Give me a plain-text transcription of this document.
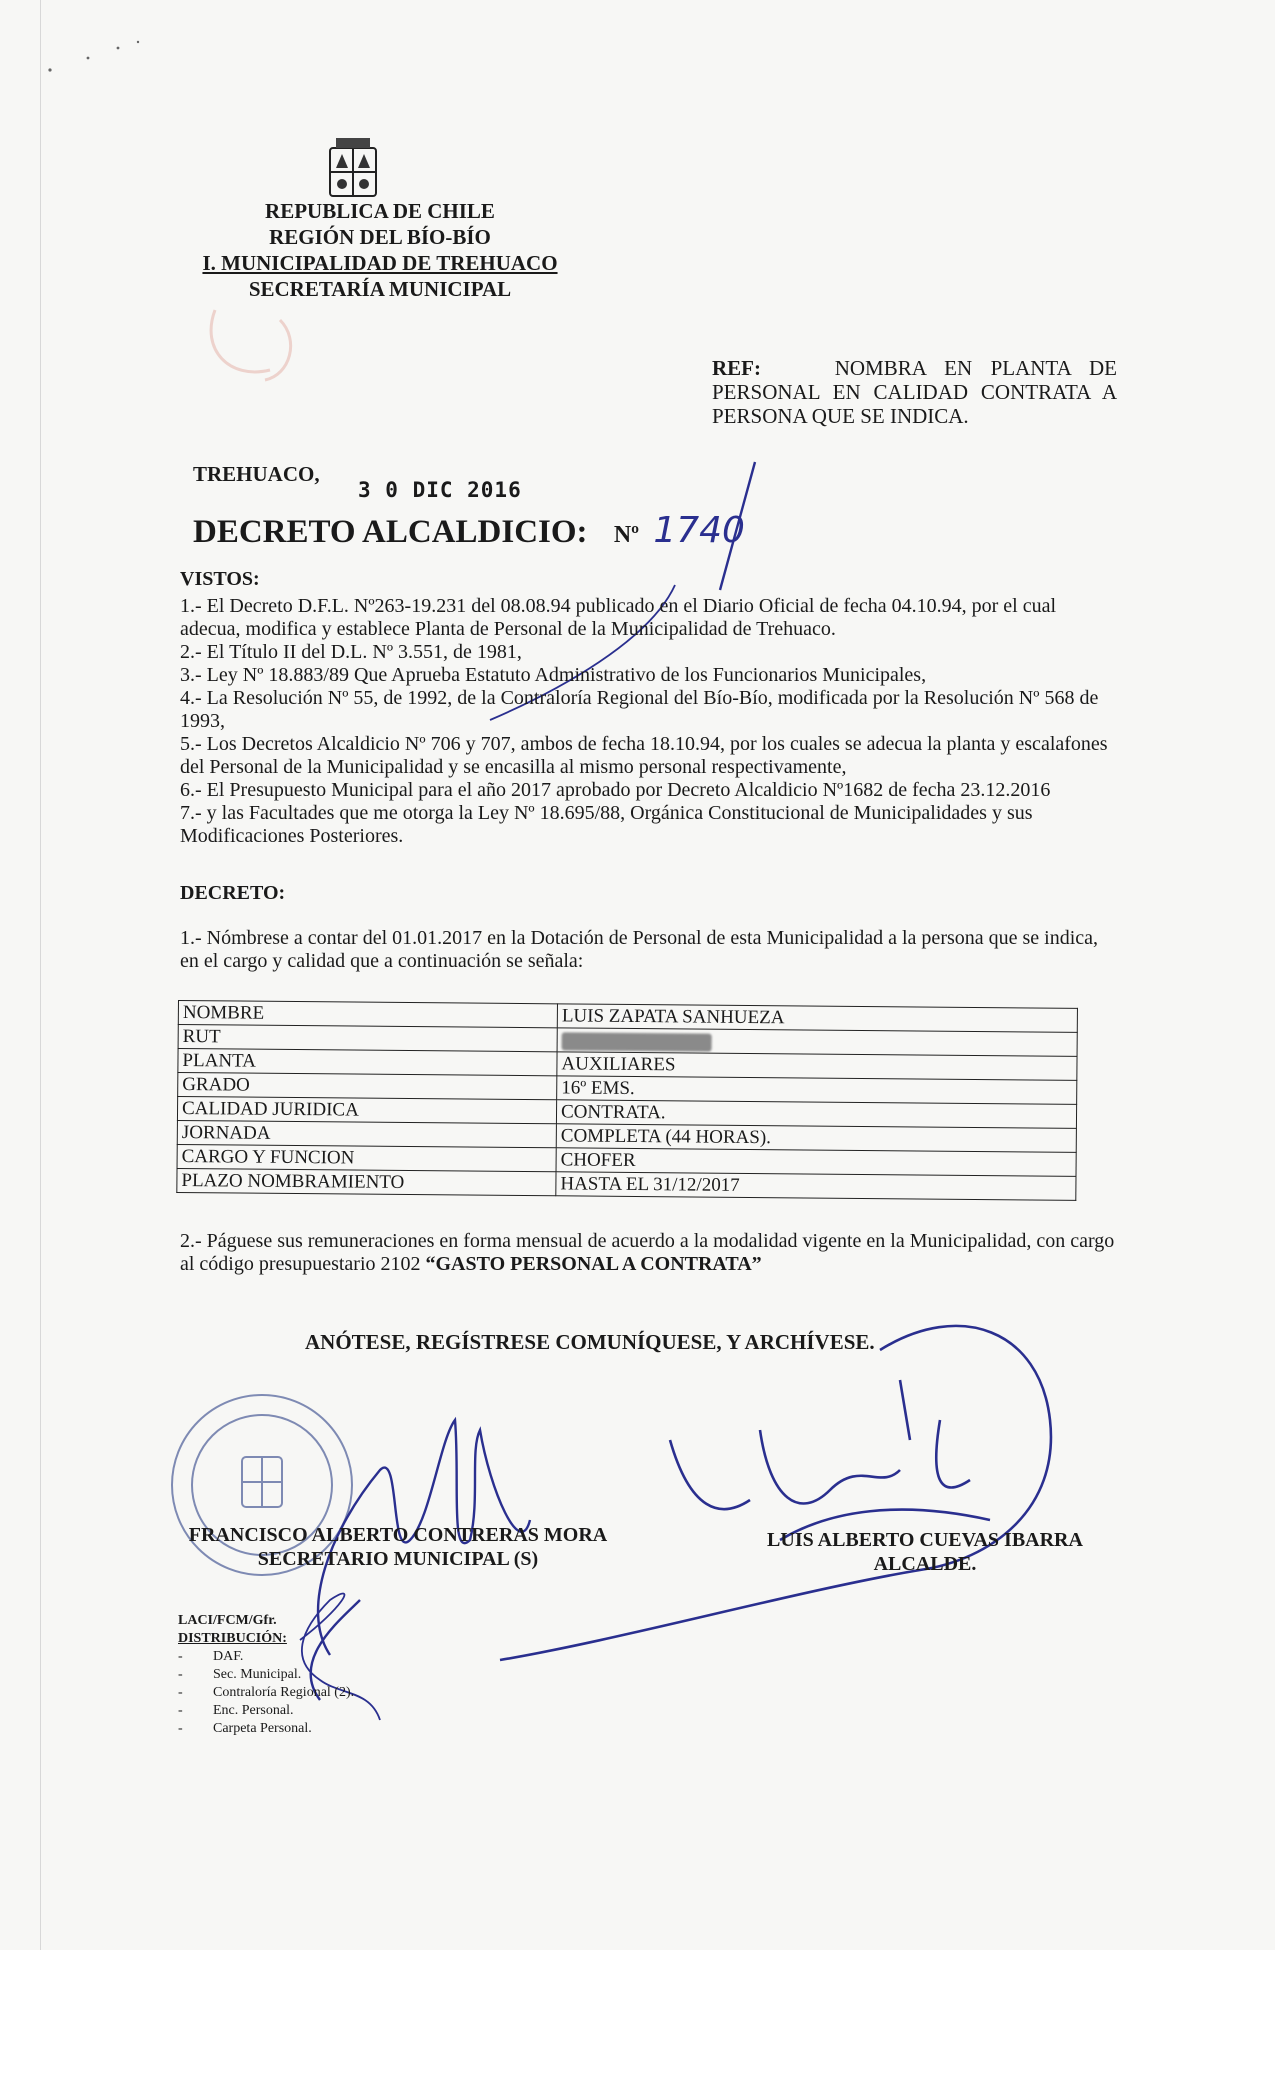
REPUBLICA DE CHILE
REGIÓN DEL BÍO-BÍO
I. MUNICIPALIDAD DE TREHUACO
SECRETARÍA MUNICIPAL
REF:	NOMBRA EN PLANTA DE PERSONAL EN CALIDAD CONTRATA A PERSONA QUE SE INDICA.
TREHUACO,
3 0 DIC 2016
DECRETO ALCALDICIO: Nº 1740
VISTOS:

1.- El Decreto D.F.L. Nº263-19.231 del 08.08.94 publicado en el Diario Oficial de fecha 04.10.94, por el cual adecua, modifica y establece Planta de Personal de la Municipalidad de Trehuaco.

2.- El Título II del D.L. Nº 3.551, de 1981,

3.- Ley Nº 18.883/89 Que Aprueba Estatuto Administrativo de los Funcionarios Municipales,

4.- La Resolución Nº 55, de 1992, de la Contraloría Regional del Bío-Bío, modificada por la Resolución Nº 568 de 1993,

5.- Los Decretos Alcaldicio Nº 706 y 707, ambos de fecha 18.10.94, por los cuales se adecua la planta y escalafones del Personal de la Municipalidad y se encasilla al mismo personal respectivamente,

6.- El Presupuesto Municipal para el año 2017 aprobado por Decreto Alcaldicio Nº1682 de fecha 23.12.2016

7.- y las Facultades que me otorga la Ley Nº 18.695/88, Orgánica Constitucional de Municipalidades y sus Modificaciones Posteriores.

DECRETO:

1.- Nómbrese a contar del 01.01.2017 en la Dotación de Personal de esta Municipalidad a la persona que se indica, en el cargo y calidad que a continuación se señala:

NOMBRE	LUIS ZAPATA SANHUEZA
RUT	
PLANTA	AUXILIARES
GRADO	16º EMS.
CALIDAD JURIDICA	CONTRATA.
JORNADA	COMPLETA (44 HORAS).
CARGO Y FUNCION	CHOFER
PLAZO NOMBRAMIENTO	HASTA EL 31/12/2017
2.- Páguese sus remuneraciones en forma mensual de acuerdo a la modalidad vigente en la Municipalidad, con cargo al código presupuestario 2102 “GASTO PERSONAL A CONTRATA”
ANÓTESE, REGÍSTRESE COMUNÍQUESE, Y ARCHÍVESE.
FRANCISCO ALBERTO CONTRERAS MORA
SECRETARIO MUNICIPAL (S)
LUIS ALBERTO CUEVAS IBARRA
ALCALDE.
LACI/FCM/Gfr.
DISTRIBUCIÓN:
- DAF.
- Sec. Municipal.
- Contraloría Regional (2).
- Enc. Personal.
- Carpeta Personal.
